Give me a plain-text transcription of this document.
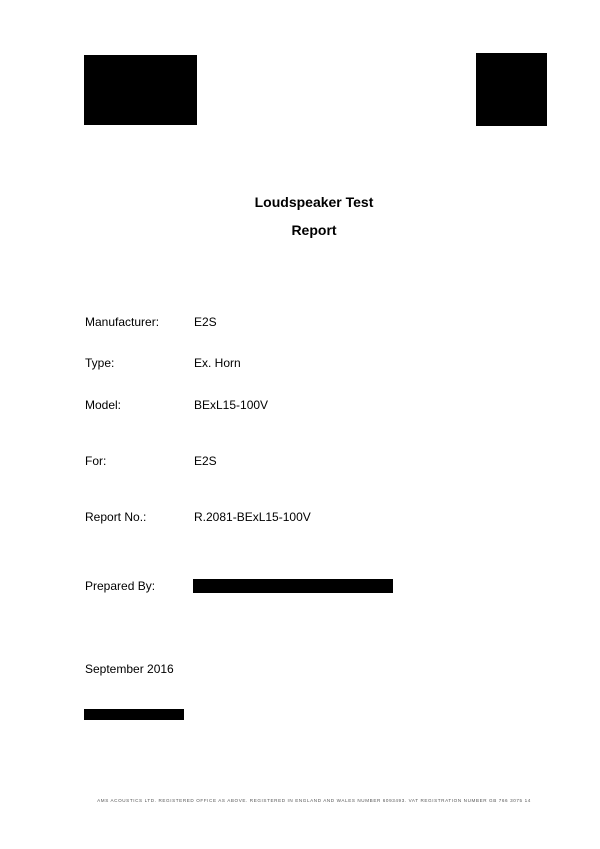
Loudspeaker Test
Report
Manufacturer:	E2S
Type:	Ex. Horn
Model:	BExL15-100V
For:	E2S
Report No.:	R.2081-BExL15-100V
Prepared By:
September 2016
AMS ACOUSTICS LTD. REGISTERED OFFICE AS ABOVE. REGISTERED IN ENGLAND AND WALES NUMBER 6093493. VAT REGISTRATION NUMBER GB 766 3075 14
